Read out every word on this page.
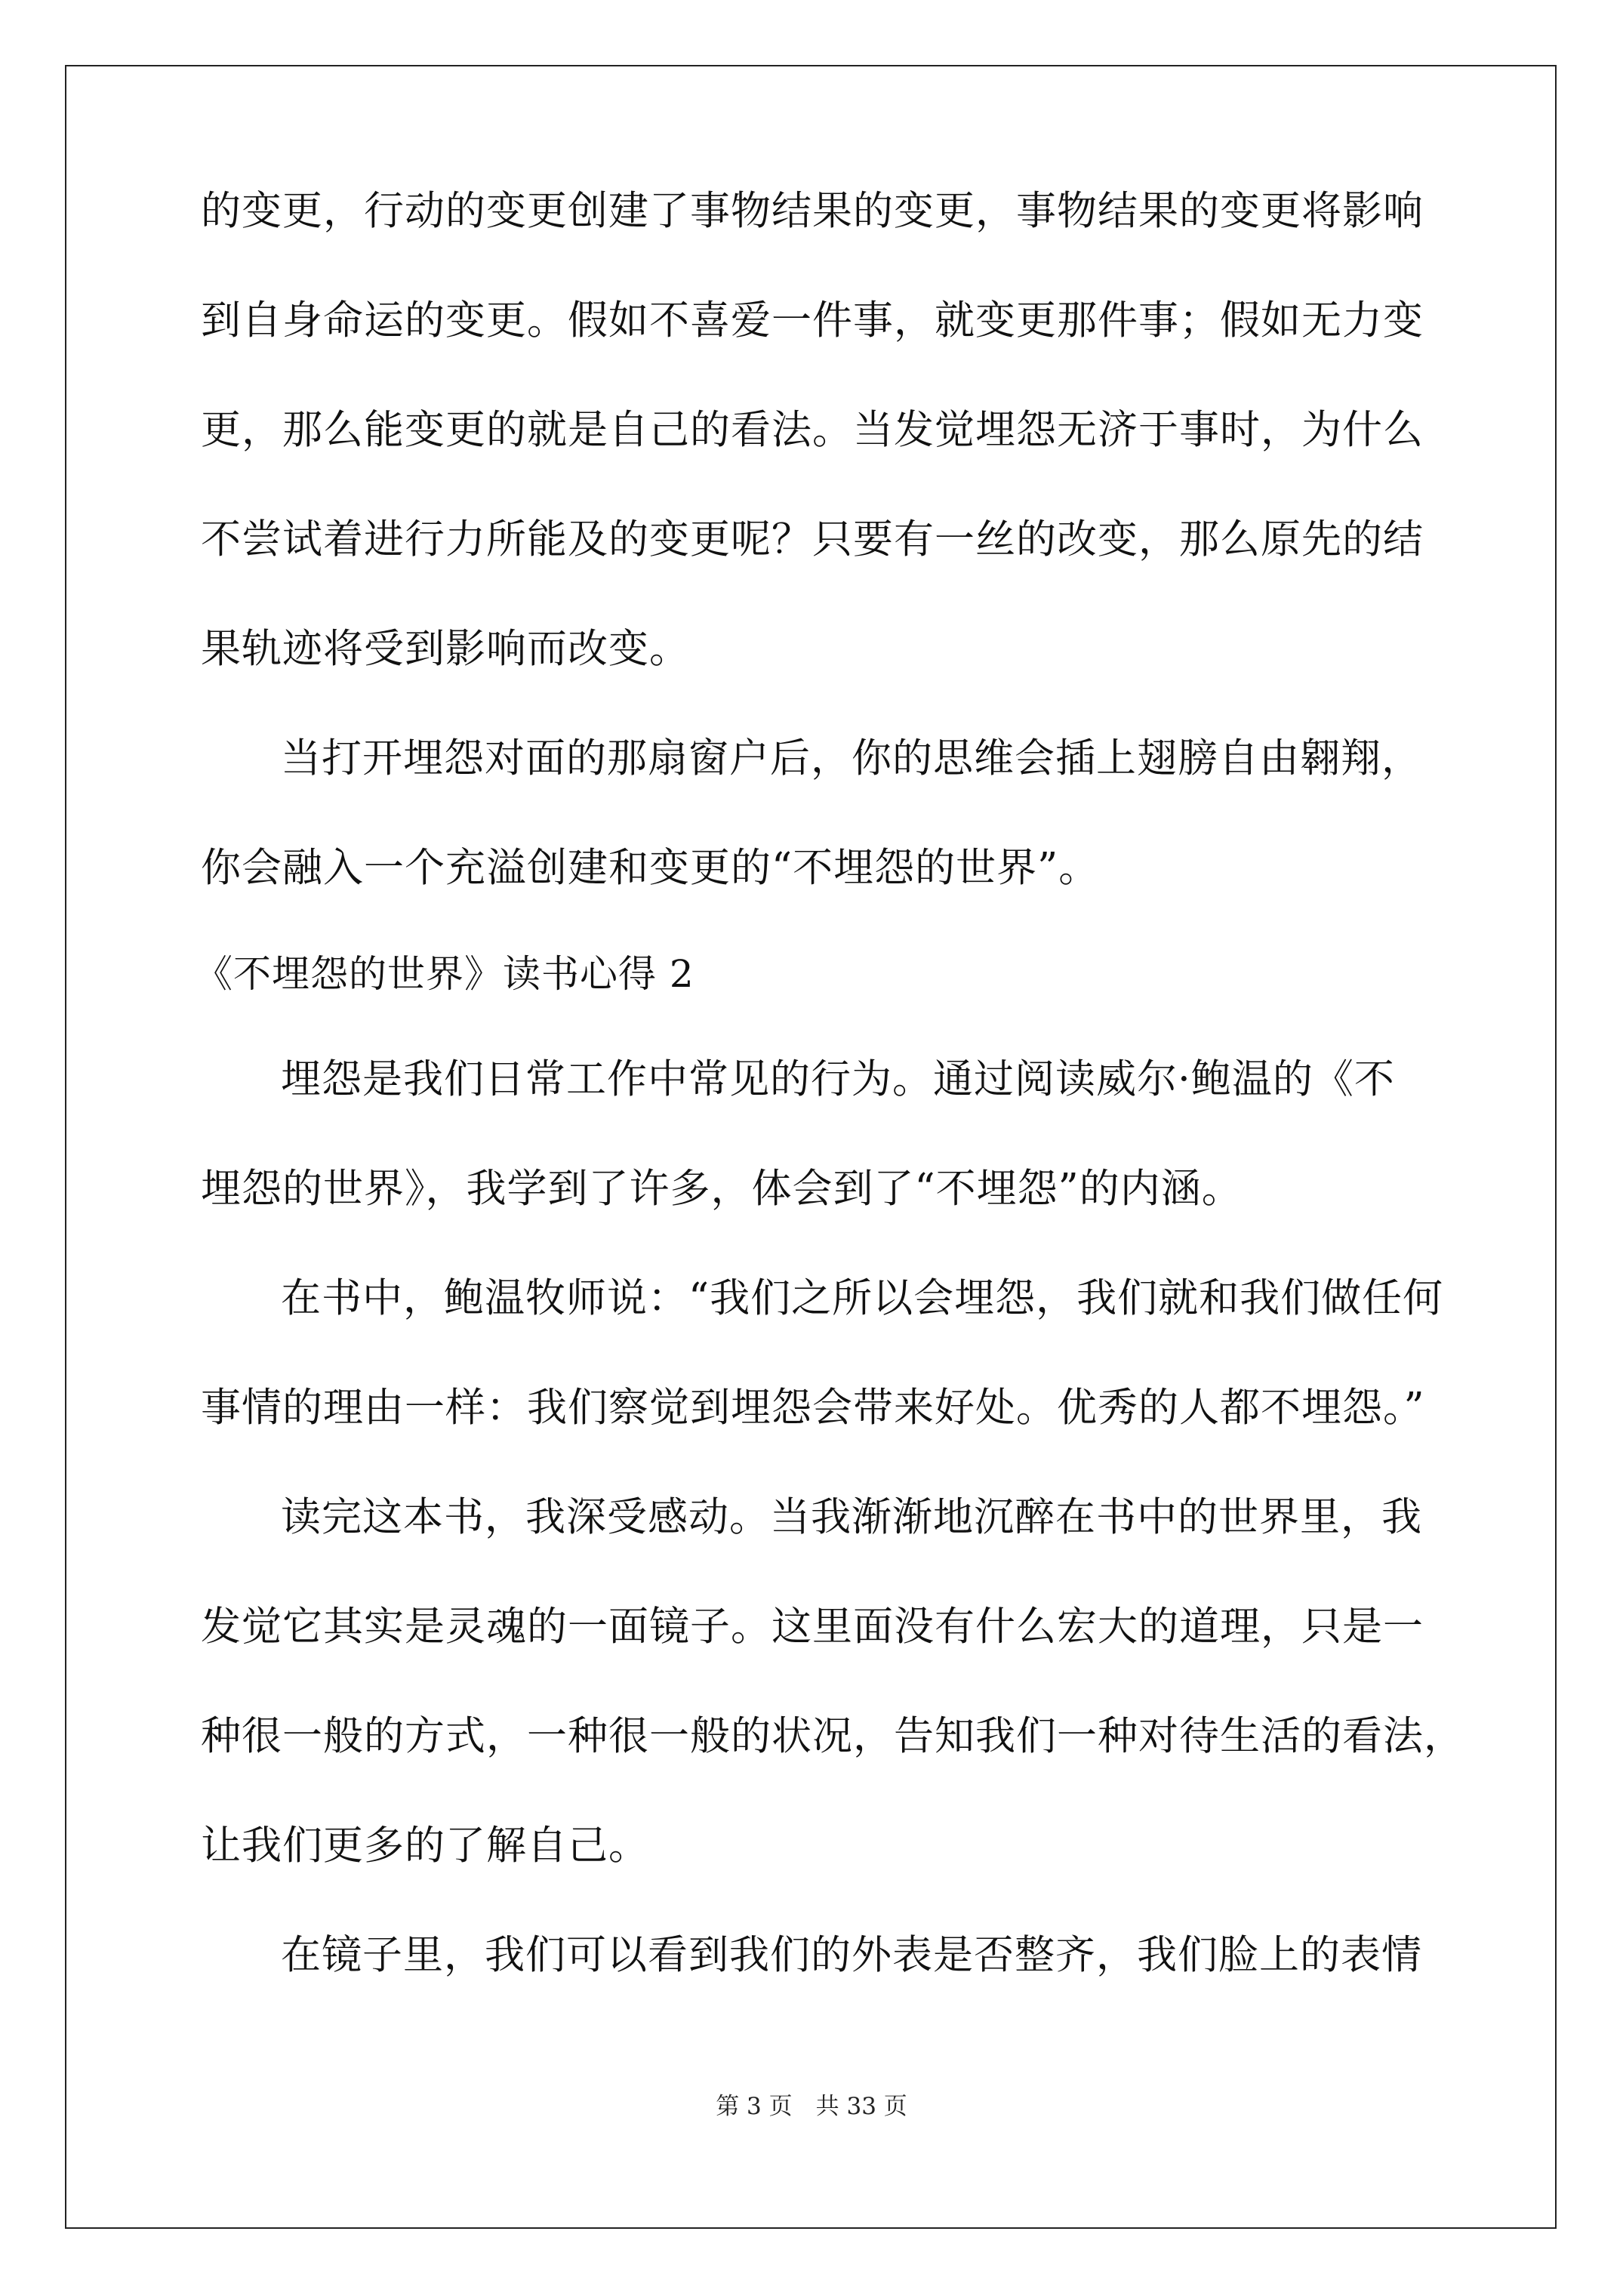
的变更，行动的变更创建了事物结果的变更，事物结果的变更将影响
到自身命运的变更。假如不喜爱一件事，就变更那件事；假如无力变
更，那么能变更的就是自己的看法。当发觉埋怨无济于事时，为什么
不尝试着进行力所能及的变更呢？只要有一丝的改变，那么原先的结
果轨迹将受到影响而改变。
当打开埋怨对面的那扇窗户后，你的思维会插上翅膀自由翱翔，
你会融入一个充溢创建和变更的“不埋怨的世界”。
《不埋怨的世界》读书心得 2
埋怨是我们日常工作中常见的行为。通过阅读威尔·鲍温的《不
埋怨的世界》，我学到了许多，体会到了“不埋怨”的内涵。
在书中，鲍温牧师说：“我们之所以会埋怨，我们就和我们做任何
事情的理由一样：我们察觉到埋怨会带来好处。优秀的人都不埋怨。”
读完这本书，我深受感动。当我渐渐地沉醉在书中的世界里，我
发觉它其实是灵魂的一面镜子。这里面没有什么宏大的道理，只是一
种很一般的方式，一种很一般的状况，告知我们一种对待生活的看法，
让我们更多的了解自己。
在镜子里，我们可以看到我们的外表是否整齐，我们脸上的表情
第 3 页　共 33 页
